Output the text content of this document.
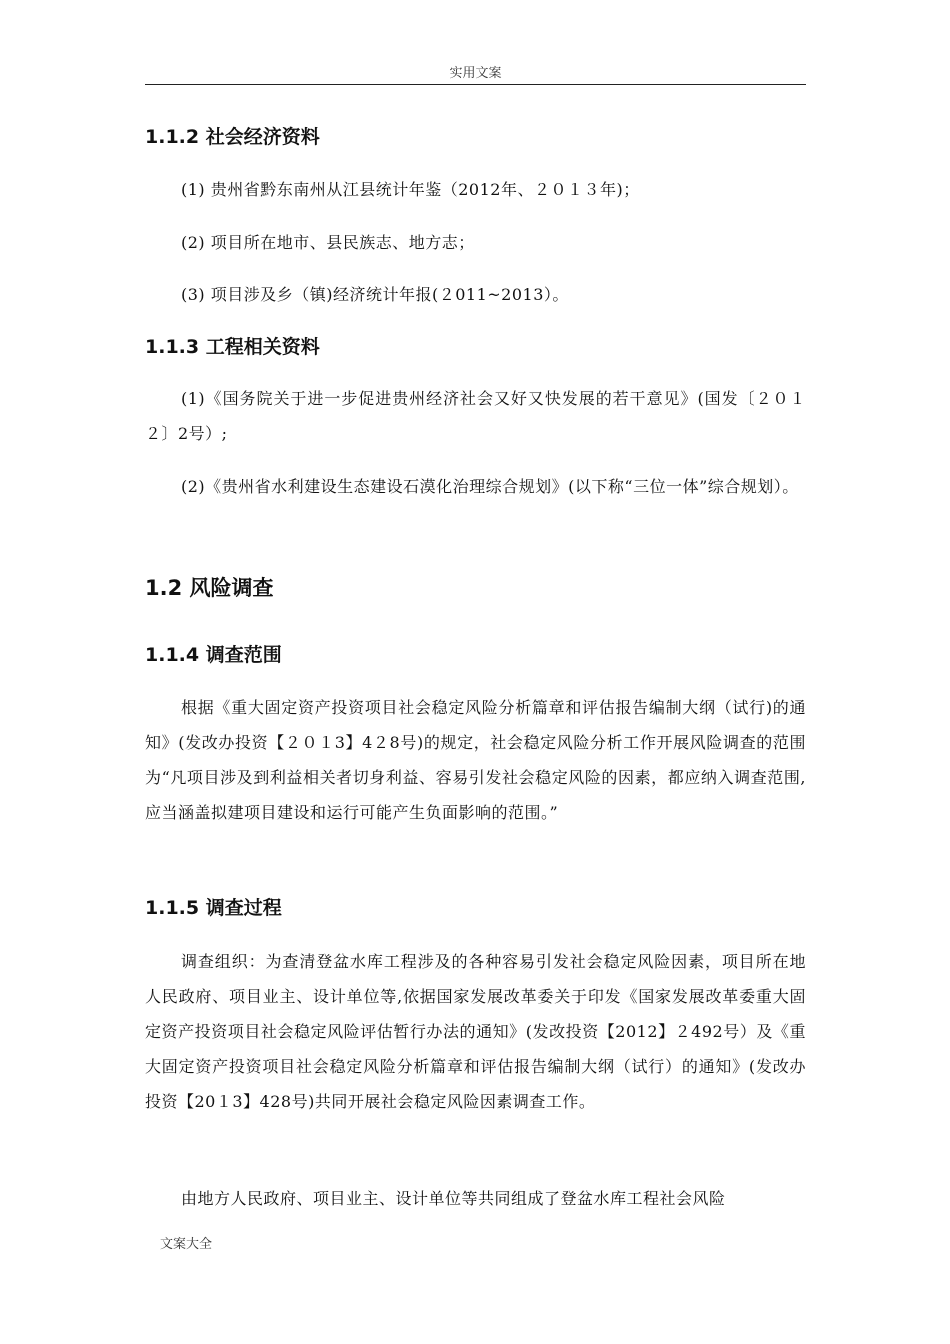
实用文案
1.1.2 社会经济资料
(1) 贵州省黔东南州从江县统计年鉴（2012年、２０１３年)；
(2) 项目所在地市、县民族志、地方志；
(3) 项目涉及乡（镇)经济统计年报(２011~2013）。
1.1.3 工程相关资料
(1)《国务院关于进一步促进贵州经济社会又好又快发展的若干意见》(国发〔２０１２〕2号）;
(2)《贵州省水利建设生态建设石漠化治理综合规划》(以下称“三位一体”综合规划）。
1.2 风险调查
1.1.4 调查范围
根据《重大固定资产投资项目社会稳定风险分析篇章和评估报告编制大纲（试行)的通知》(发改办投资【２０１3】4２8号)的规定，社会稳定风险分析工作开展风险调查的范围为“凡项目涉及到利益相关者切身利益、容易引发社会稳定风险的因素，都应纳入调查范围,应当涵盖拟建项目建设和运行可能产生负面影响的范围。”
1.1.5 调查过程
调查组织：为查清登盆水库工程涉及的各种容易引发社会稳定风险因素，项目所在地人民政府、项目业主、设计单位等,依据国家发展改革委关于印发《国家发展改革委重大固定资产投资项目社会稳定风险评估暂行办法的通知》(发改投资【2012】２492号）及《重大固定资产投资项目社会稳定风险分析篇章和评估报告编制大纲（试行）的通知》(发改办投资【20１3】428号)共同开展社会稳定风险因素调查工作。
由地方人民政府、项目业主、设计单位等共同组成了登盆水库工程社会风险
文案大全
